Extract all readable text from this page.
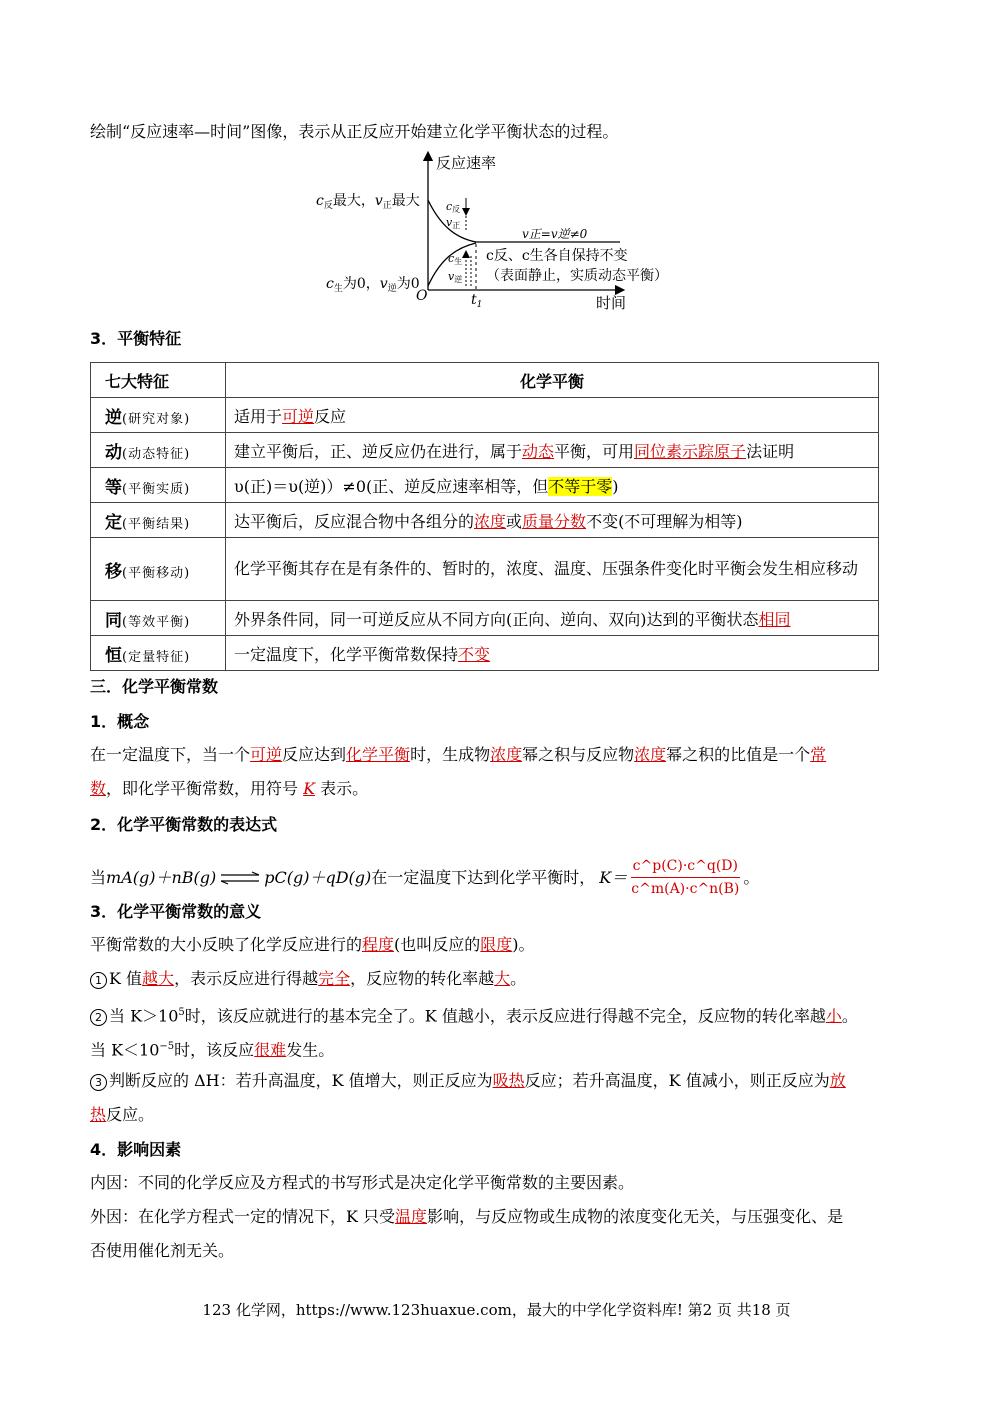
绘制“反应速率—时间”图像，表示从正反应开始建立化学平衡状态的过程。
反应速率
时间
O	$t_1$
c反
v正
c生
v逆
v正=v逆≠0
c反、c生各自保持不变
（表面静止，实质动态平衡）
$c_反$最大，$v_正$最大
$c_生$为0，$v_逆$为0
3．平衡特征
七大特征	化学平衡
逆(研究对象)	适用于可逆反应
动(动态特征)	建立平衡后，正、逆反应仍在进行，属于动态平衡，可用同位素示踪原子法证明
等(平衡实质)	υ(正)＝υ(逆)）≠0(正、逆反应速率相等，但不等于零)
定(平衡结果)	达平衡后，反应混合物中各组分的浓度或质量分数不变(不可理解为相等)
移(平衡移动)	化学平衡其存在是有条件的、暂时的，浓度、温度、压强条件变化时平衡会发生相应移动
同(等效平衡)	外界条件同，同一可逆反应从不同方向(正向、逆向、双向)达到的平衡状态相同
恒(定量特征)	一定温度下，化学平衡常数保持不变
三．化学平衡常数
1．概念
在一定温度下，当一个可逆反应达到化学平衡时，生成物浓度幂之积与反应物浓度幂之积的比值是一个常
数，即化学平衡常数，用符号 K 表示。
2．化学平衡常数的表达式
当 mA(g)＋nB(g) ⇌ pC(g)＋qD(g) 在一定温度下达到化学平衡时， $K= \frac{c\^{}p(C)\cdot c\^{}q(D)}{c\^{}m(A)\cdot c\^{}n(B)}$ 。
3．化学平衡常数的意义
平衡常数的大小反映了化学反应进行的程度(也叫反应的限度)。
1 K 值越大，表示反应进行得越完全，反应物的转化率越大。
2 当 $K>10^5$时，该反应就进行的基本完全了。K 值越小，表示反应进行得越不完全，反应物的转化率越小。
当 $K<10^{-5}$时，该反应很难发生。
3 判断反应的 ΔH：若升高温度，K 值增大，则正反应为吸热反应；若升高温度，K 值减小，则正反应为放
热反应。
4．影响因素
内因：不同的化学反应及方程式的书写形式是决定化学平衡常数的主要因素。
外因：在化学方程式一定的情况下，K 只受温度影响，与反应物或生成物的浓度变化无关，与压强变化、是
否使用催化剂无关。
123 化学网，https://www.123huaxue.com，最大的中学化学资料库! 第2 页 共18 页
